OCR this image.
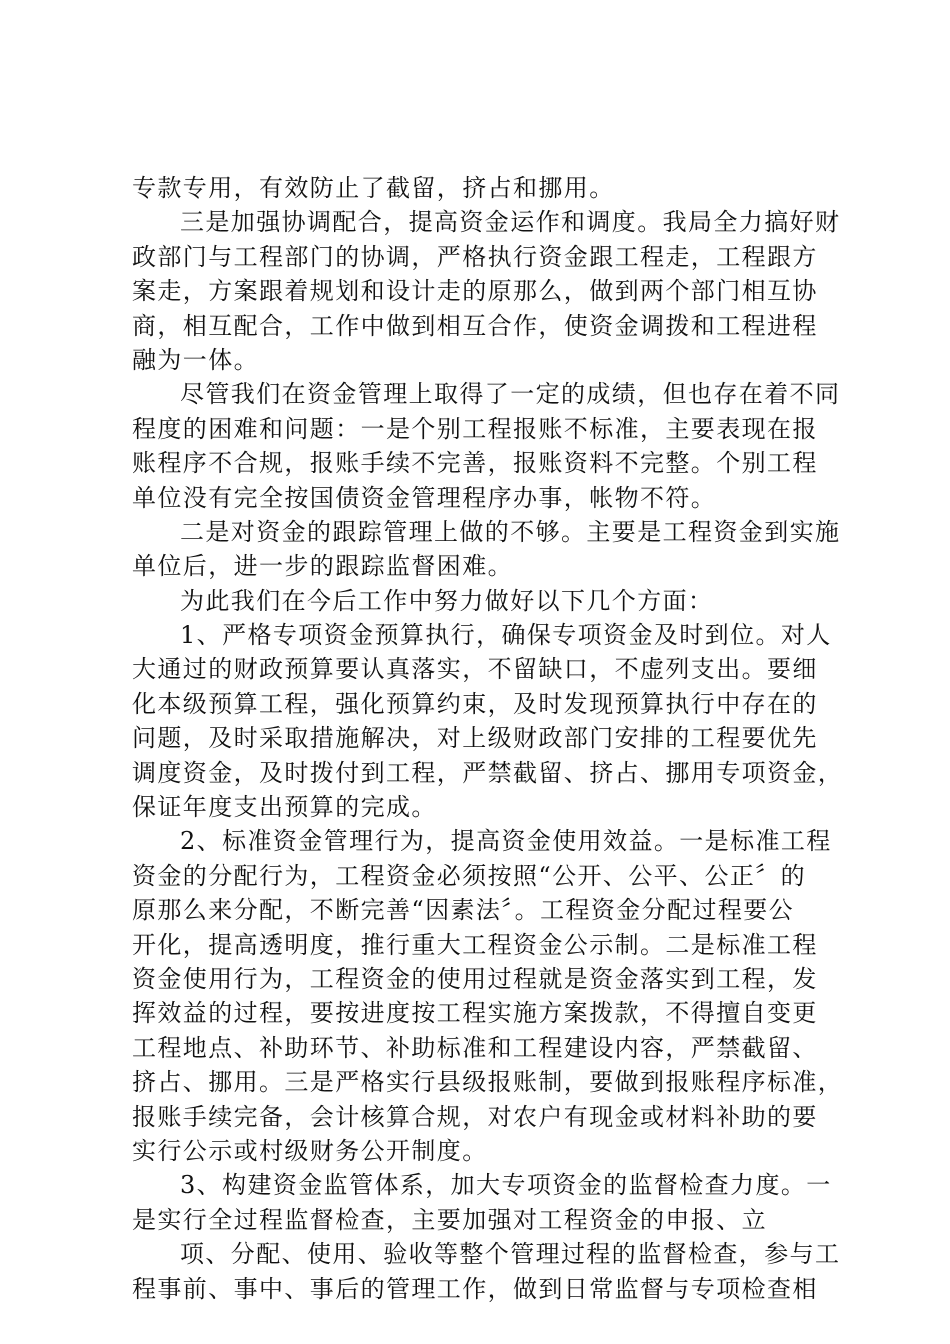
专款专用，有效防止了截留，挤占和挪用。
三是加强协调配合，提高资金运作和调度。我局全力搞好财
政部门与工程部门的协调，严格执行资金跟工程走，工程跟方
案走，方案跟着规划和设计走的原那么，做到两个部门相互协
商，相互配合，工作中做到相互合作，使资金调拨和工程进程
融为一体。
尽管我们在资金管理上取得了一定的成绩，但也存在着不同
程度的困难和问题：一是个别工程报账不标准，主要表现在报
账程序不合规，报账手续不完善，报账资料不完整。个别工程
单位没有完全按国债资金管理程序办事，帐物不符。
二是对资金的跟踪管理上做的不够。主要是工程资金到实施
单位后，进一步的跟踪监督困难。
为此我们在今后工作中努力做好以下几个方面：
1、严格专项资金预算执行，确保专项资金及时到位。对人
大通过的财政预算要认真落实，不留缺口，不虚列支出。要细
化本级预算工程，强化预算约束，及时发现预算执行中存在的
问题，及时采取措施解决，对上级财政部门安排的工程要优先
调度资金，及时拨付到工程，严禁截留、挤占、挪用专项资金，
保证年度支出预算的完成。
2、标准资金管理行为，提高资金使用效益。一是标准工程
资金的分配行为，工程资金必须按照“公开、公平、公正〞的
原那么来分配，不断完善“因素法〞。工程资金分配过程要公
开化，提高透明度，推行重大工程资金公示制。二是标准工程
资金使用行为，工程资金的使用过程就是资金落实到工程，发
挥效益的过程，要按进度按工程实施方案拨款，不得擅自变更
工程地点、补助环节、补助标准和工程建设内容，严禁截留、
挤占、挪用。三是严格实行县级报账制，要做到报账程序标准，
报账手续完备，会计核算合规，对农户有现金或材料补助的要
实行公示或村级财务公开制度。
3、构建资金监管体系，加大专项资金的监督检查力度。一
是实行全过程监督检查，主要加强对工程资金的申报、立
项、分配、使用、验收等整个管理过程的监督检查，参与工
程事前、事中、事后的管理工作，做到日常监督与专项检查相
